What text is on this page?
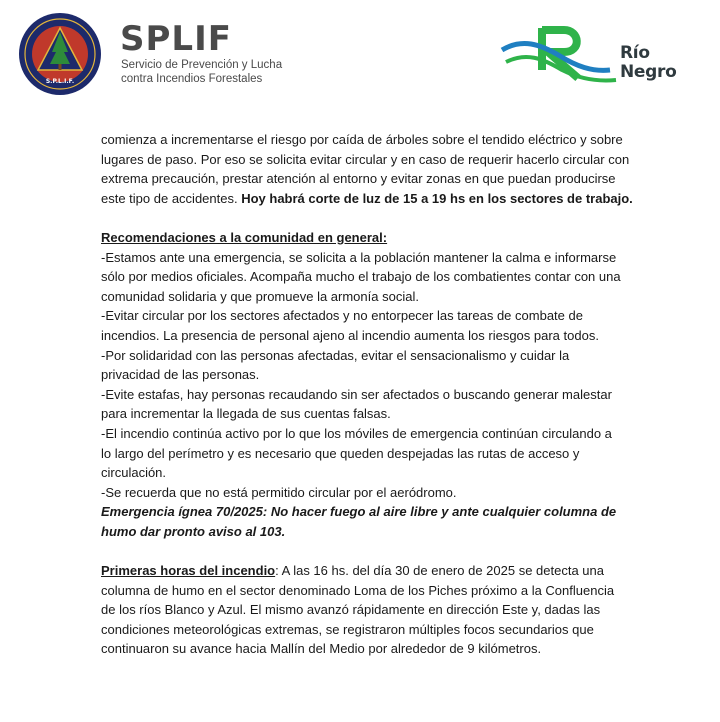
S.P.L.I.F.
SPLIF
Servicio de Prevención y Lucha
contra Incendios Forestales
Río
Negro

comienza a incrementarse el riesgo por caída de árboles sobre el tendido eléctrico y sobre
lugares de paso. Por eso se solicita evitar circular y en caso de requerir hacerlo circular con
extrema precaución, prestar atención al entorno y evitar zonas en que puedan producirse
este tipo de accidentes. Hoy habrá corte de luz de 15 a 19 hs en los sectores de trabajo.

Recomendaciones a la comunidad en general:
-Estamos ante una emergencia, se solicita a la población mantener la calma e informarse
sólo por medios oficiales. Acompaña mucho el trabajo de los combatientes contar con una
comunidad solidaria y que promueve la armonía social.
-Evitar circular por los sectores afectados y no entorpecer las tareas de combate de
incendios. La presencia de personal ajeno al incendio aumenta los riesgos para todos.
-Por solidaridad con las personas afectadas, evitar el sensacionalismo y cuidar la
privacidad de las personas.
-Evite estafas, hay personas recaudando sin ser afectados o buscando generar malestar
para incrementar la llegada de sus cuentas falsas.
-El incendio continúa activo por lo que los móviles de emergencia continúan circulando a
lo largo del perímetro y es necesario que queden despejadas las rutas de acceso y
circulación.
-Se recuerda que no está permitido circular por el aeródromo.
Emergencia ígnea 70/2025: No hacer fuego al aire libre y ante cualquier columna de
humo dar pronto aviso al 103.

Primeras horas del incendio: A las 16 hs. del día 30 de enero de 2025 se detecta una
columna de humo en el sector denominado Loma de los Piches próximo a la Confluencia
de los ríos Blanco y Azul. El mismo avanzó rápidamente en dirección Este y, dadas las
condiciones meteorológicas extremas, se registraron múltiples focos secundarios que
continuaron su avance hacia Mallín del Medio por alrededor de 9 kilómetros.
